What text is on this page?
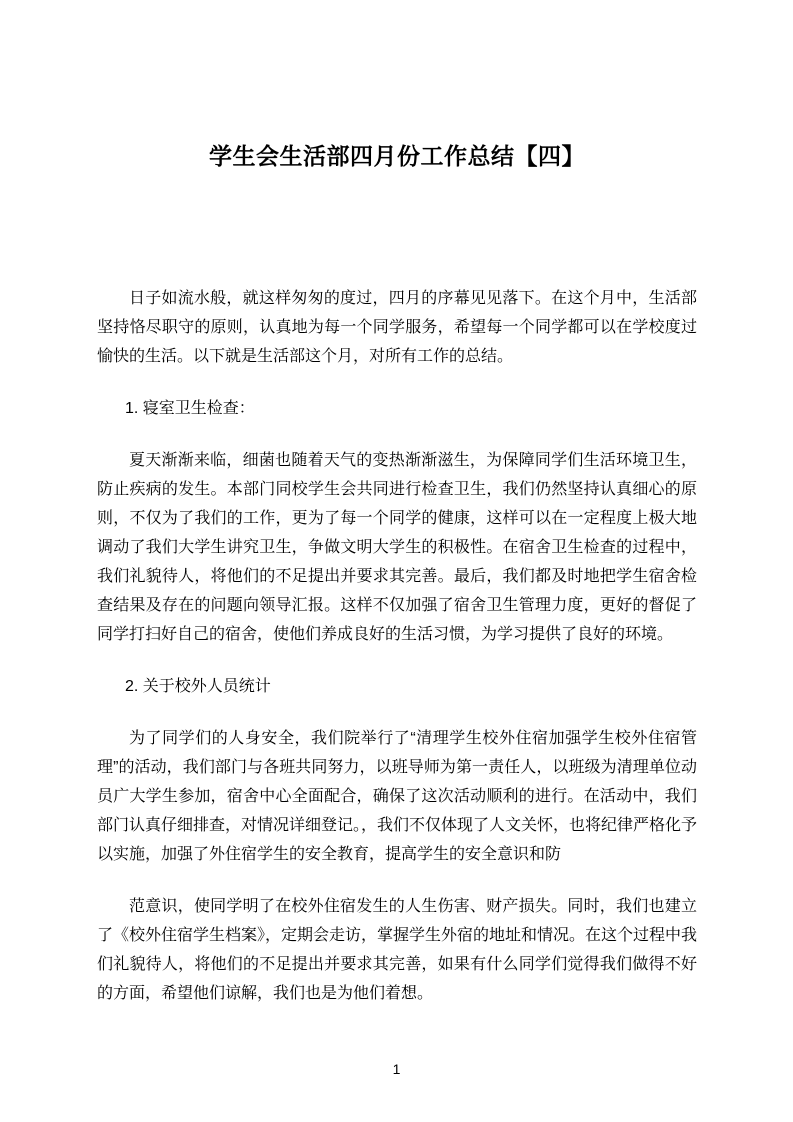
学生会生活部四月份工作总结【四】

日子如流水般，就这样匆匆的度过，四月的序幕见见落下。在这个月中，生活部坚持恪尽职守的原则，认真地为每一个同学服务，希望每一个同学都可以在学校度过愉快的生活。以下就是生活部这个月，对所有工作的总结。

1. 寝室卫生检查：

夏天渐渐来临，细菌也随着天气的变热渐渐滋生，为保障同学们生活环境卫生，防止疾病的发生。本部门同校学生会共同进行检查卫生，我们仍然坚持认真细心的原则，不仅为了我们的工作，更为了每一个同学的健康，这样可以在一定程度上极大地调动了我们大学生讲究卫生，争做文明大学生的积极性。在宿舍卫生检查的过程中，我们礼貌待人，将他们的不足提出并要求其完善。最后，我们都及时地把学生宿舍检查结果及存在的问题向领导汇报。这样不仅加强了宿舍卫生管理力度，更好的督促了同学打扫好自己的宿舍，使他们养成良好的生活习惯，为学习提供了良好的环境。

2. 关于校外人员统计

为了同学们的人身安全，我们院举行了“清理学生校外住宿加强学生校外住宿管理”的活动，我们部门与各班共同努力，以班导师为第一责任人，以班级为清理单位动员广大学生参加，宿舍中心全面配合，确保了这次活动顺利的进行。在活动中，我们部门认真仔细排查，对情况详细登记。，我们不仅体现了人文关怀，也将纪律严格化予以实施，加强了外住宿学生的安全教育，提高学生的安全意识和防

范意识，使同学明了在校外住宿发生的人生伤害、财产损失。同时，我们也建立了《校外住宿学生档案》，定期会走访，掌握学生外宿的地址和情况。在这个过程中我们礼貌待人，将他们的不足提出并要求其完善，如果有什么同学们觉得我们做得不好的方面，希望他们谅解，我们也是为他们着想。

1
